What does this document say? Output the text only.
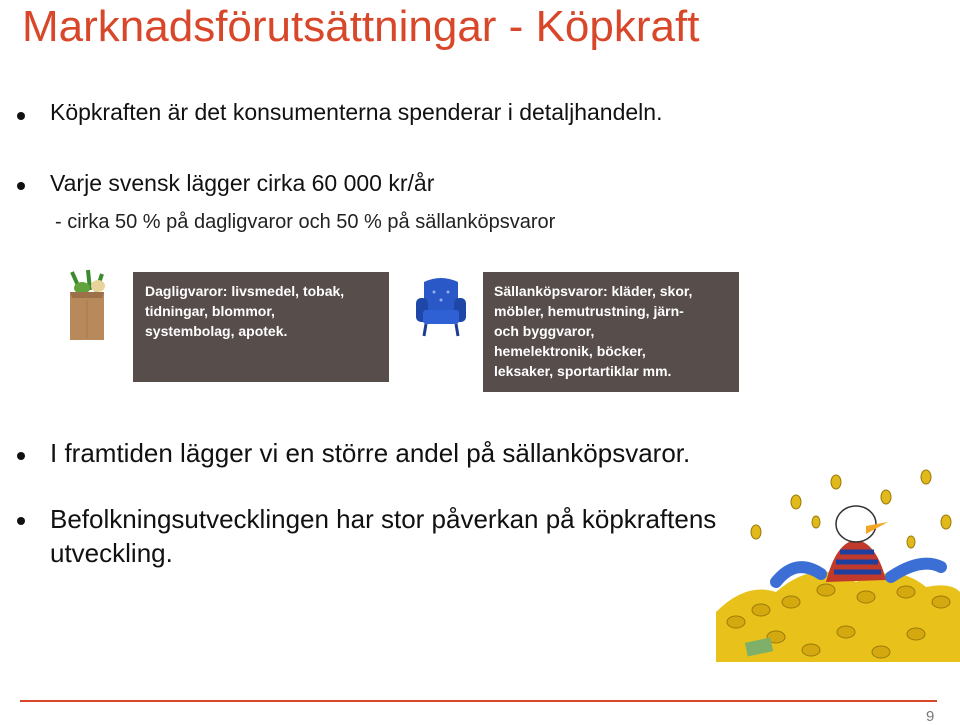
Marknadsförutsättningar - Köpkraft
Köpkraften är det konsumenterna spenderar i detaljhandeln.
Varje svensk lägger cirka 60 000 kr/år
- cirka 50 % på dagligvaror och 50 % på sällanköpsvaror
Dagligvaror: livsmedel, tobak,
tidningar, blommor,
systembolag, apotek.
Sällanköpsvaror: kläder, skor,
möbler, hemutrustning, järn-
och byggvaror,
hemelektronik, böcker,
leksaker, sportartiklar mm.
I framtiden lägger vi en större andel på sällanköpsvaror.
Befolkningsutvecklingen har stor påverkan på köpkraftens
utveckling.
9
